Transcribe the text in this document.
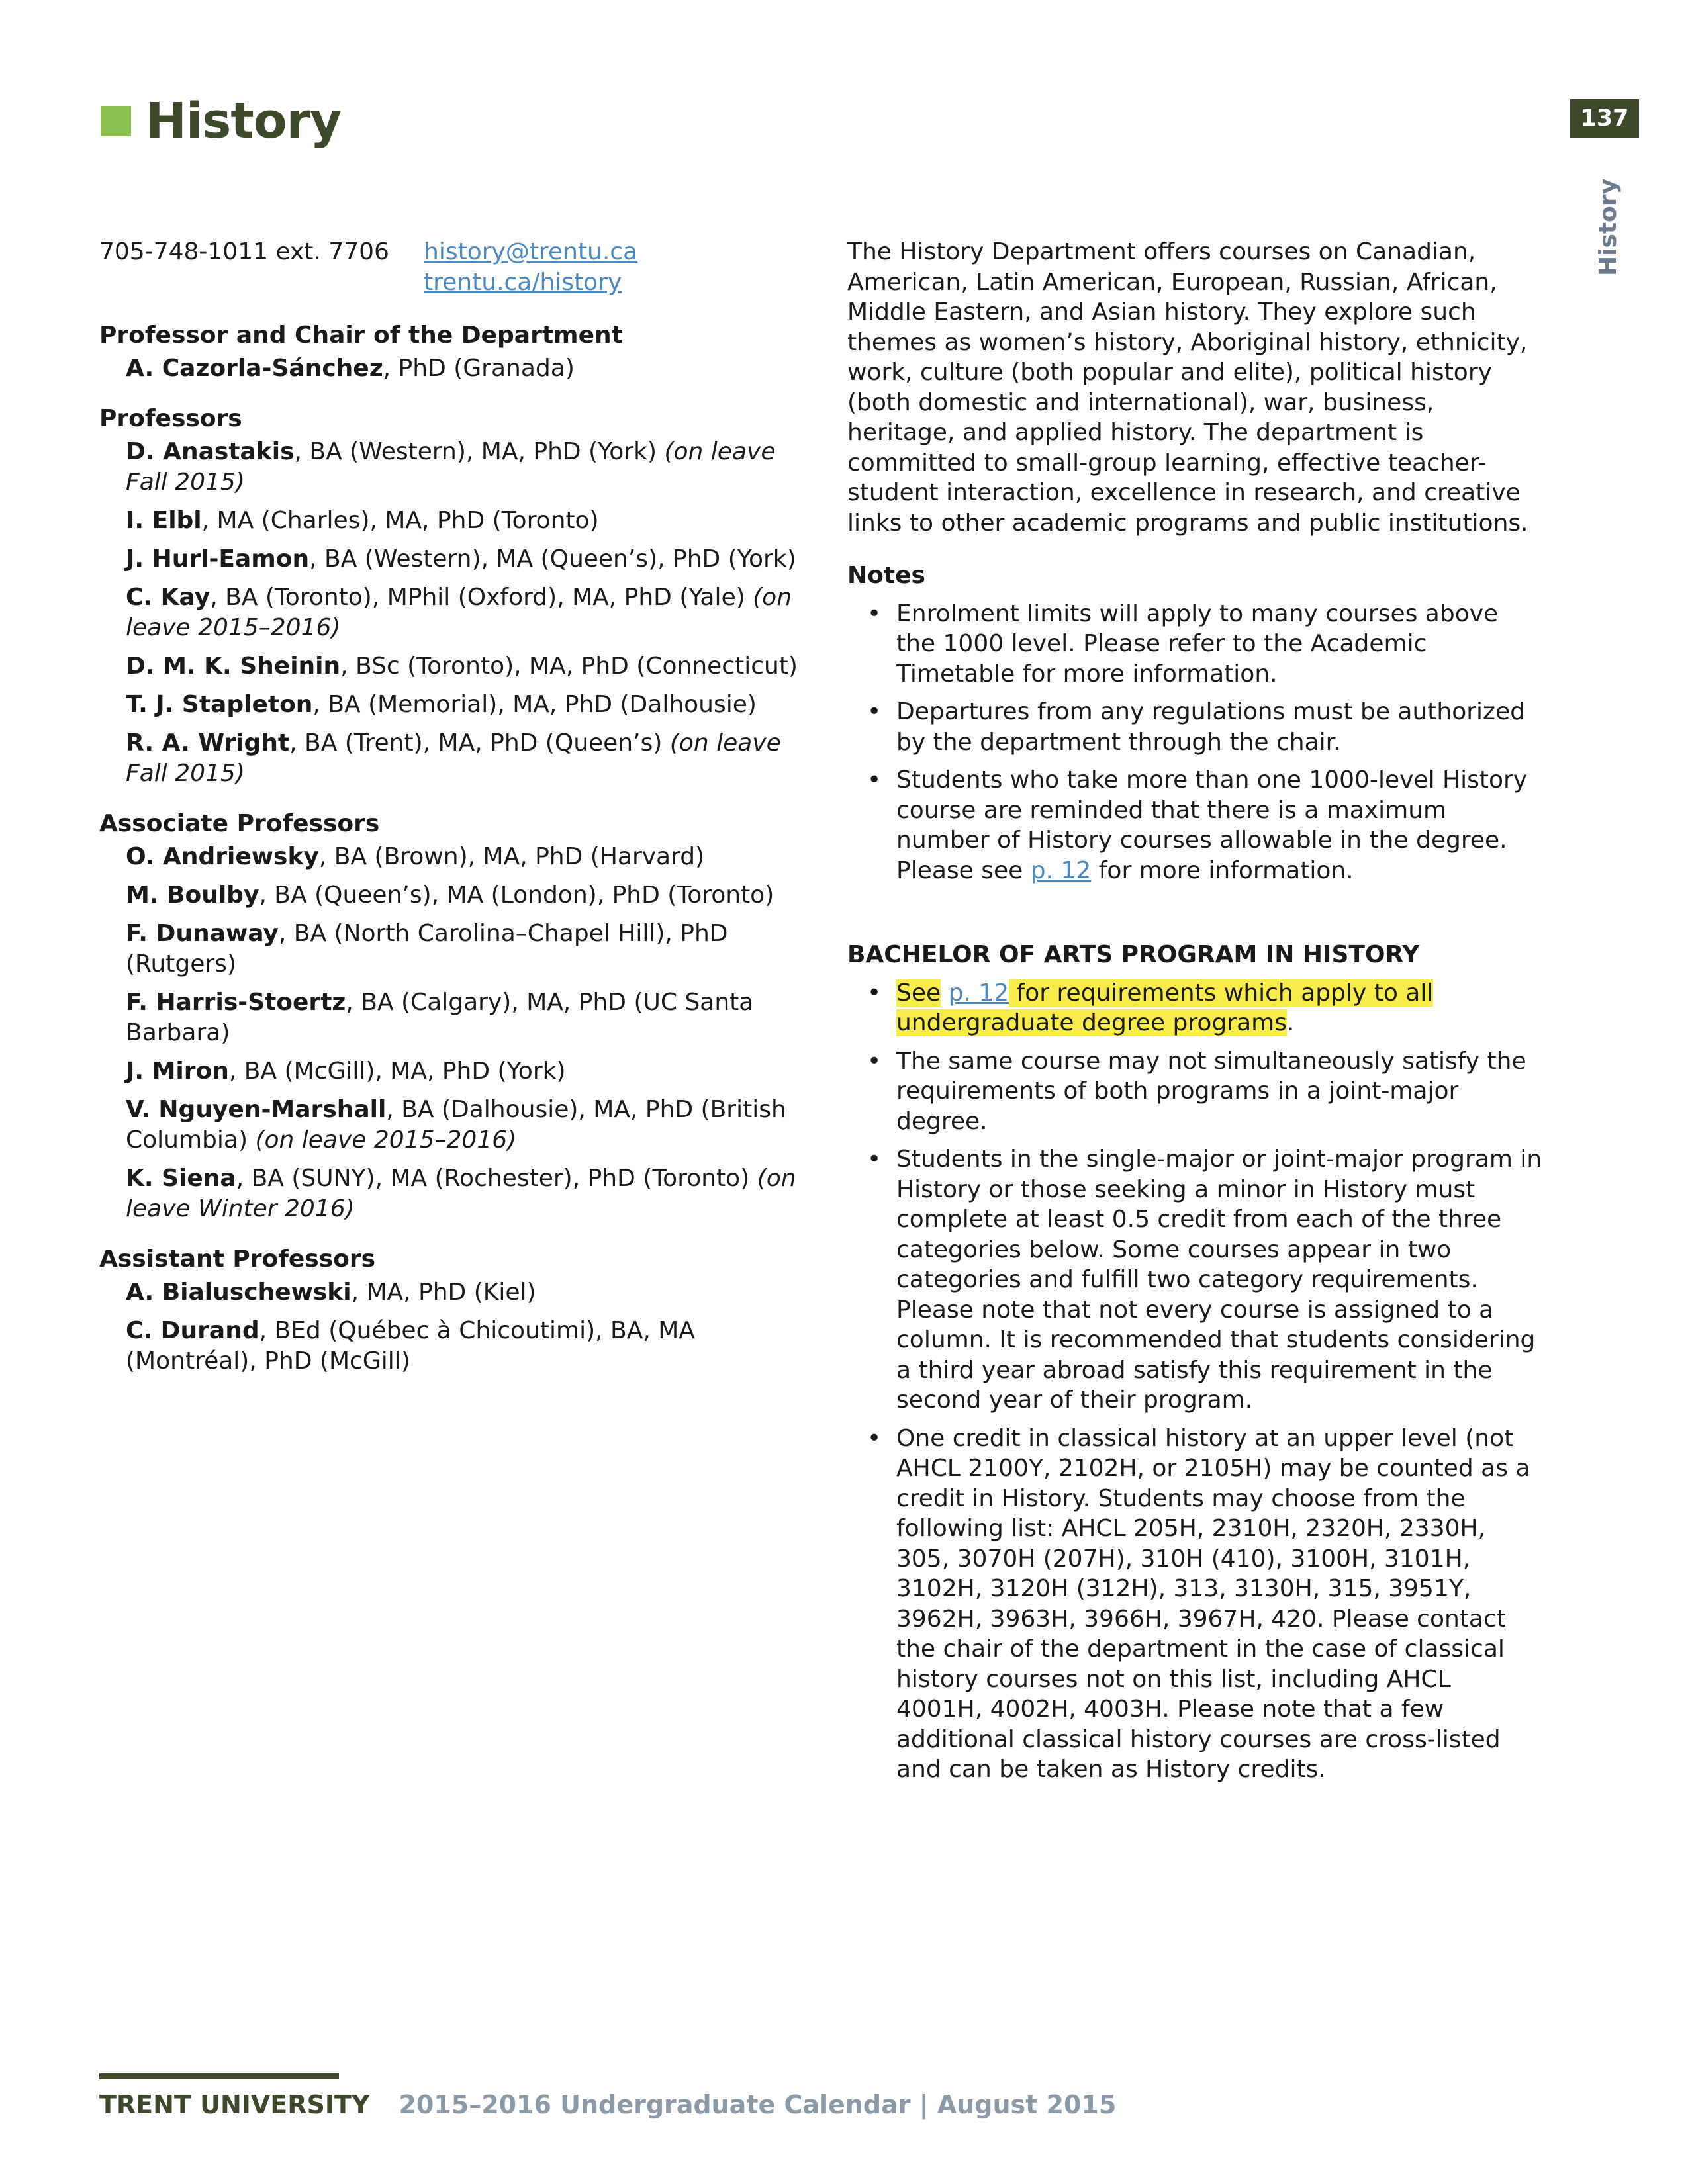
History	137
History
705-748-1011 ext. 7706	history@trentu.ca
trentu.ca/history
Professor and Chair of the Department
A. Cazorla-Sánchez, PhD (Granada)
Professors
D. Anastakis, BA (Western), MA, PhD (York) (on leave Fall 2015)
I. Elbl, MA (Charles), MA, PhD (Toronto)
J. Hurl-Eamon, BA (Western), MA (Queen’s), PhD (York)
C. Kay, BA (Toronto), MPhil (Oxford), MA, PhD (Yale) (on leave 2015–2016)
D. M. K. Sheinin, BSc (Toronto), MA, PhD (Connecticut)
T. J. Stapleton, BA (Memorial), MA, PhD (Dalhousie)
R. A. Wright, BA (Trent), MA, PhD (Queen’s) (on leave Fall 2015)
Associate Professors
O. Andriewsky, BA (Brown), MA, PhD (Harvard)
M. Boulby, BA (Queen’s), MA (London), PhD (Toronto)
F. Dunaway, BA (North Carolina–Chapel Hill), PhD (Rutgers)
F. Harris-Stoertz, BA (Calgary), MA, PhD (UC Santa Barbara)
J. Miron, BA (McGill), MA, PhD (York)
V. Nguyen-Marshall, BA (Dalhousie), MA, PhD (British Columbia) (on leave 2015–2016)
K. Siena, BA (SUNY), MA (Rochester), PhD (Toronto) (on leave Winter 2016)
Assistant Professors
A. Bialuschewski, MA, PhD (Kiel)
C. Durand, BEd (Québec à Chicoutimi), BA, MA (Montréal), PhD (McGill)

The History Department offers courses on Canadian, American, Latin American, European, Russian, African, Middle Eastern, and Asian history. They explore such themes as women’s history, Aboriginal history, ethnicity, work, culture (both popular and elite), political history (both domestic and international), war, business, heritage, and applied history. The department is committed to small-group learning, effective teacher-student interaction, excellence in research, and creative links to other academic programs and public institutions.

Notes
• Enrolment limits will apply to many courses above the 1000 level. Please refer to the Academic Timetable for more information.
• Departures from any regulations must be authorized by the department through the chair.
• Students who take more than one 1000-level History course are reminded that there is a maximum number of History courses allowable in the degree. Please see p. 12 for more information.
BACHELOR OF ARTS PROGRAM IN HISTORY
• See p. 12 for requirements which apply to all undergraduate degree programs.
• The same course may not simultaneously satisfy the requirements of both programs in a joint-major degree.
• Students in the single-major or joint-major program in History or those seeking a minor in History must complete at least 0.5 credit from each of the three categories below. Some courses appear in two categories and fulfill two category requirements. Please note that not every course is assigned to a column. It is recommended that students considering a third year abroad satisfy this requirement in the second year of their program.
• One credit in classical history at an upper level (not AHCL 2100Y, 2102H, or 2105H) may be counted as a credit in History. Students may choose from the following list: AHCL 205H, 2310H, 2320H, 2330H, 305, 3070H (207H), 310H (410), 3100H, 3101H, 3102H, 3120H (312H), 313, 3130H, 315, 3951Y, 3962H, 3963H, 3966H, 3967H, 420. Please contact the chair of the department in the case of classical history courses not on this list, including AHCL 4001H, 4002H, 4003H. Please note that a few additional classical history courses are cross-listed and can be taken as History credits.
TRENT UNIVERSITY 2015–2016 Undergraduate Calendar | August 2015
